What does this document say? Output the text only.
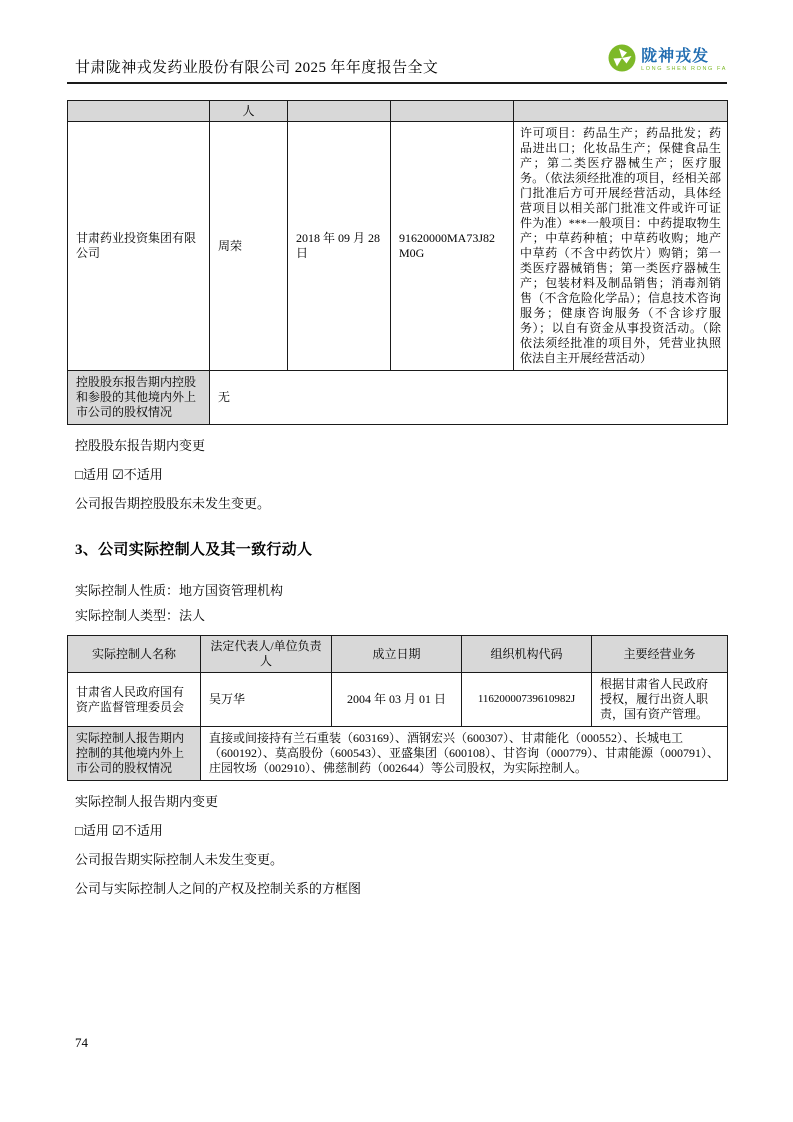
甘肃陇神戎发药业股份有限公司 2025 年年度报告全文
陇神戎发
LONG SHEN RONG FA
	人			
甘肃药业投资集团有限公司	周荣	2018 年 09 月 28 日	91620000MA73J82M0G	许可项目：药品生产；药品批发；药品进出口；化妆品生产；保健食品生产；第二类医疗器械生产；医疗服务。（依法须经批准的项目，经相关部门批准后方可开展经营活动，具体经营项目以相关部门批准文件或许可证件为准）***一般项目：中药提取物生产；中草药种植；中草药收购；地产中草药（不含中药饮片）购销；第一类医疗器械销售；第一类医疗器械生产；包装材料及制品销售；消毒剂销售（不含危险化学品）；信息技术咨询服务；健康咨询服务（不含诊疗服务）；以自有资金从事投资活动。（除依法须经批准的项目外，凭营业执照依法自主开展经营活动）
控股股东报告期内控股和参股的其他境内外上市公司的股权情况	无			

控股股东报告期内变更

□适用 ☑不适用

公司报告期控股股东未发生变更。

3、公司实际控制人及其一致行动人

实际控制人性质：地方国资管理机构

实际控制人类型：法人

实际控制人名称	法定代表人/单位负责人	成立日期	组织机构代码	主要经营业务
甘肃省人民政府国有资产监督管理委员会	吴万华	2004 年 03 月 01 日	11620000739610982J	根据甘肃省人民政府授权，履行出资人职责，国有资产管理。
实际控制人报告期内控制的其他境内外上市公司的股权情况	直接或间接持有兰石重装（603169）、酒钢宏兴（600307）、甘肃能化（000552）、长城电工（600192）、莫高股份（600543）、亚盛集团（600108）、甘咨询（000779）、甘肃能源（000791）、庄园牧场（002910）、佛慈制药（002644）等公司股权，为实际控制人。			

实际控制人报告期内变更

□适用 ☑不适用

公司报告期实际控制人未发生变更。

公司与实际控制人之间的产权及控制关系的方框图

74
